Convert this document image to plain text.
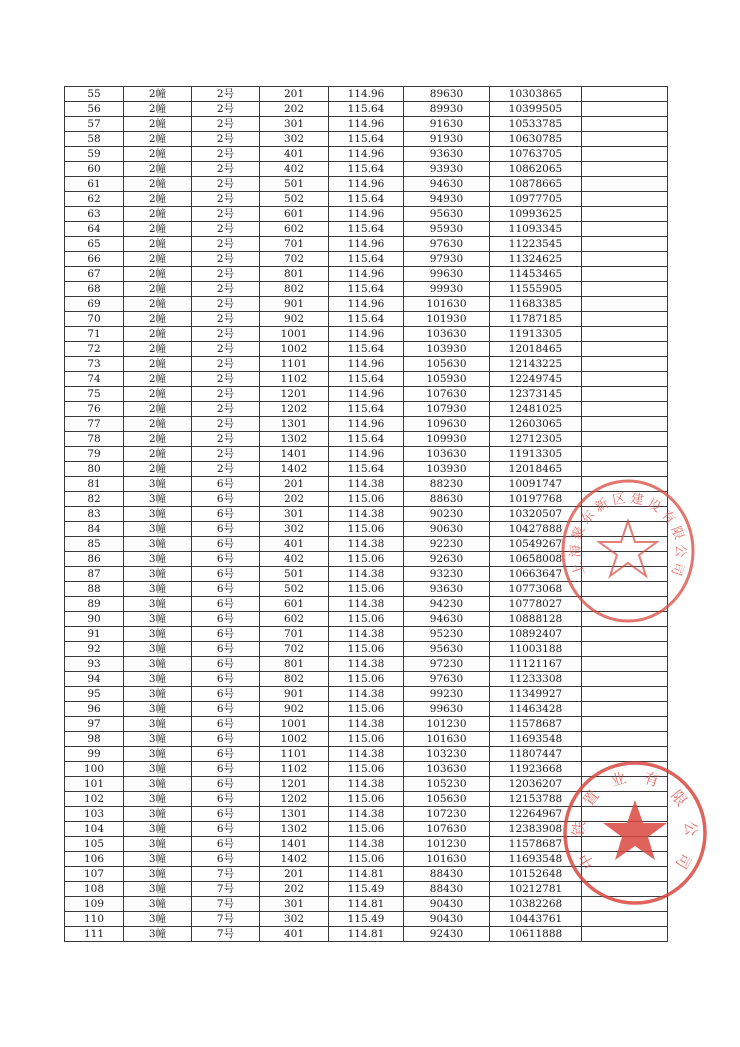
55	2幢	2号	201	114.96	89630	10303865	
56	2幢	2号	202	115.64	89930	10399505	
57	2幢	2号	301	114.96	91630	10533785	
58	2幢	2号	302	115.64	91930	10630785	
59	2幢	2号	401	114.96	93630	10763705	
60	2幢	2号	402	115.64	93930	10862065	
61	2幢	2号	501	114.96	94630	10878665	
62	2幢	2号	502	115.64	94930	10977705	
63	2幢	2号	601	114.96	95630	10993625	
64	2幢	2号	602	115.64	95930	11093345	
65	2幢	2号	701	114.96	97630	11223545	
66	2幢	2号	702	115.64	97930	11324625	
67	2幢	2号	801	114.96	99630	11453465	
68	2幢	2号	802	115.64	99930	11555905	
69	2幢	2号	901	114.96	101630	11683385	
70	2幢	2号	902	115.64	101930	11787185	
71	2幢	2号	1001	114.96	103630	11913305	
72	2幢	2号	1002	115.64	103930	12018465	
73	2幢	2号	1101	114.96	105630	12143225	
74	2幢	2号	1102	115.64	105930	12249745	
75	2幢	2号	1201	114.96	107630	12373145	
76	2幢	2号	1202	115.64	107930	12481025	
77	2幢	2号	1301	114.96	109630	12603065	
78	2幢	2号	1302	115.64	109930	12712305	
79	2幢	2号	1401	114.96	103630	11913305	
80	2幢	2号	1402	115.64	103930	12018465	
81	3幢	6号	201	114.38	88230	10091747	
82	3幢	6号	202	115.06	88630	10197768	
83	3幢	6号	301	114.38	90230	10320507	
84	3幢	6号	302	115.06	90630	10427888	
85	3幢	6号	401	114.38	92230	10549267	
86	3幢	6号	402	115.06	92630	10658008	
87	3幢	6号	501	114.38	93230	10663647	
88	3幢	6号	502	115.06	93630	10773068	
89	3幢	6号	601	114.38	94230	10778027	
90	3幢	6号	602	115.06	94630	10888128	
91	3幢	6号	701	114.38	95230	10892407	
92	3幢	6号	702	115.06	95630	11003188	
93	3幢	6号	801	114.38	97230	11121167	
94	3幢	6号	802	115.06	97630	11233308	
95	3幢	6号	901	114.38	99230	11349927	
96	3幢	6号	902	115.06	99630	11463428	
97	3幢	6号	1001	114.38	101230	11578687	
98	3幢	6号	1002	115.06	101630	11693548	
99	3幢	6号	1101	114.38	103230	11807447	
100	3幢	6号	1102	115.06	103630	11923668	
101	3幢	6号	1201	114.38	105230	12036207	
102	3幢	6号	1202	115.06	105630	12153788	
103	3幢	6号	1301	114.38	107230	12264967	
104	3幢	6号	1302	115.06	107630	12383908	
105	3幢	6号	1401	114.38	101230	11578687	
106	3幢	6号	1402	115.06	101630	11693548	
107	3幢	7号	201	114.81	88430	10152648	
108	3幢	7号	202	115.49	88430	10212781	
109	3幢	7号	301	114.81	90430	10382268	
110	3幢	7号	302	115.49	90430	10443761	
111	3幢	7号	401	114.81	92430	10611888	
上
海
聚
东
新 区 建 设
有
限
公
司
中
铁
置
业 有
限
公
司
